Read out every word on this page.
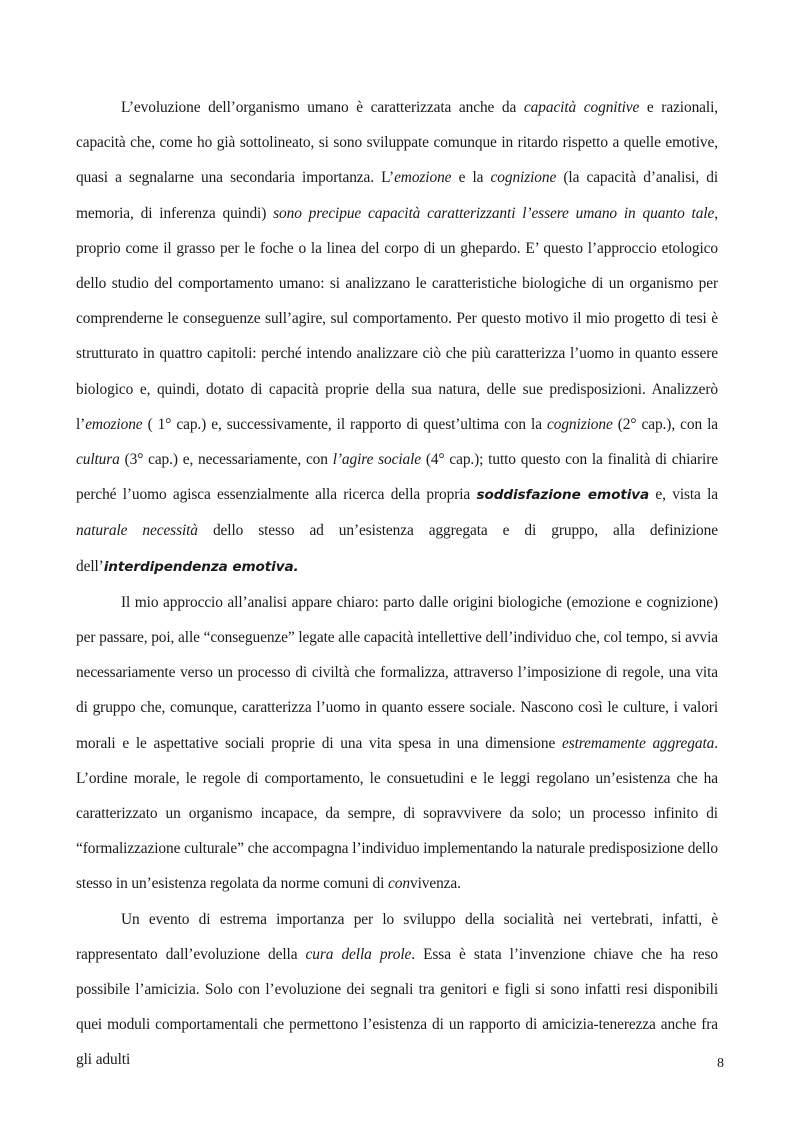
L’evoluzione dell’organismo umano è caratterizzata anche da capacità cognitive e razionali, capacità che, come ho già sottolineato, si sono sviluppate comunque in ritardo rispetto a quelle emotive, quasi a segnalarne una secondaria importanza. L’emozione e la cognizione (la capacità d’analisi, di memoria, di inferenza quindi) sono precipue capacità caratterizzanti l’essere umano in quanto tale, proprio come il grasso per le foche o la linea del corpo di un ghepardo. E’ questo l’approccio etologico dello studio del comportamento umano: si analizzano le caratteristiche biologiche di un organismo per comprenderne le conseguenze sull’agire, sul comportamento. Per questo motivo il mio progetto di tesi è strutturato in quattro capitoli: perché intendo analizzare ciò che più caratterizza l’uomo in quanto essere biologico e, quindi, dotato di capacità proprie della sua natura, delle sue predisposizioni. Analizzerò l’emozione ( 1° cap.) e, successivamente, il rapporto di quest’ultima con la cognizione (2° cap.), con la cultura (3° cap.) e, necessariamente, con l’agire sociale (4° cap.); tutto questo con la finalità di chiarire perché l’uomo agisca essenzialmente alla ricerca della propria soddisfazione emotiva e, vista la naturale necessità dello stesso ad un’esistenza aggregata e di gruppo, alla definizione dell’interdipendenza emotiva.

Il mio approccio all’analisi appare chiaro: parto dalle origini biologiche (emozione e cognizione) per passare, poi, alle “conseguenze” legate alle capacità intellettive dell’individuo che, col tempo, si avvia necessariamente verso un processo di civiltà che formalizza, attraverso l’imposizione di regole, una vita di gruppo che, comunque, caratterizza l’uomo in quanto essere sociale. Nascono così le culture, i valori morali e le aspettative sociali proprie di una vita spesa in una dimensione estremamente aggregata. L’ordine morale, le regole di comportamento, le consuetudini e le leggi regolano un’esistenza che ha caratterizzato un organismo incapace, da sempre, di sopravvivere da solo; un processo infinito di “formalizzazione culturale” che accompagna l’individuo implementando la naturale predisposizione dello stesso in un’esistenza regolata da norme comuni di convivenza.

Un evento di estrema importanza per lo sviluppo della socialità nei vertebrati, infatti, è rappresentato dall’evoluzione della cura della prole. Essa è stata l’invenzione chiave che ha reso possibile l’amicizia. Solo con l’evoluzione dei segnali tra genitori e figli si sono infatti resi disponibili quei moduli comportamentali che permettono l’esistenza di un rapporto di amicizia-tenerezza anche fra gli adulti	8
